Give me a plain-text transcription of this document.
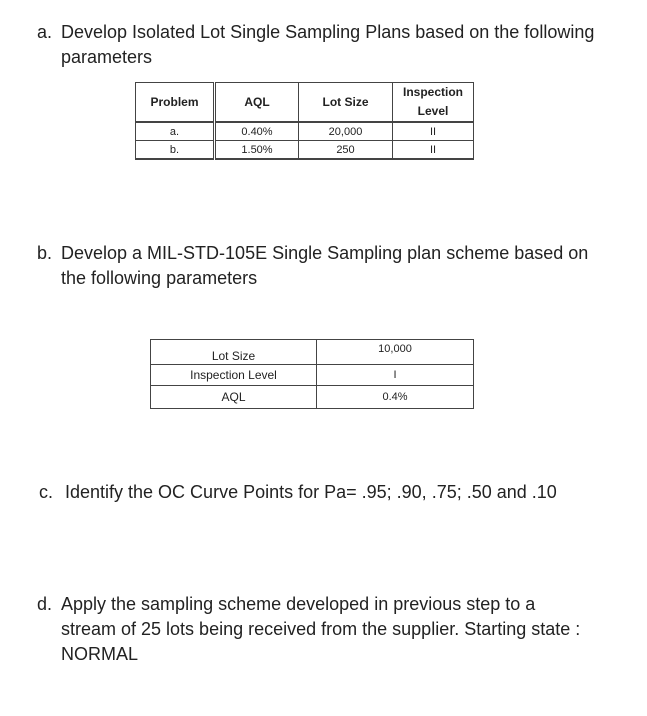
a. Develop Isolated Lot Single Sampling Plans based on the following
parameters
Problem	AQL	Lot Size	Inspection
Level
a.	0.40%	20,000	II
b.	1.50%	250	II
b. Develop a MIL-STD-105E Single Sampling plan scheme based on
the following parameters
Lot Size	10,000
Inspection Level	I
AQL	0.4%
c. Identify the OC Curve Points for Pa= .95; .90, .75; .50 and .10
d. Apply the sampling scheme developed in previous step to a
stream of 25 lots being received from the supplier. Starting state :
NORMAL
